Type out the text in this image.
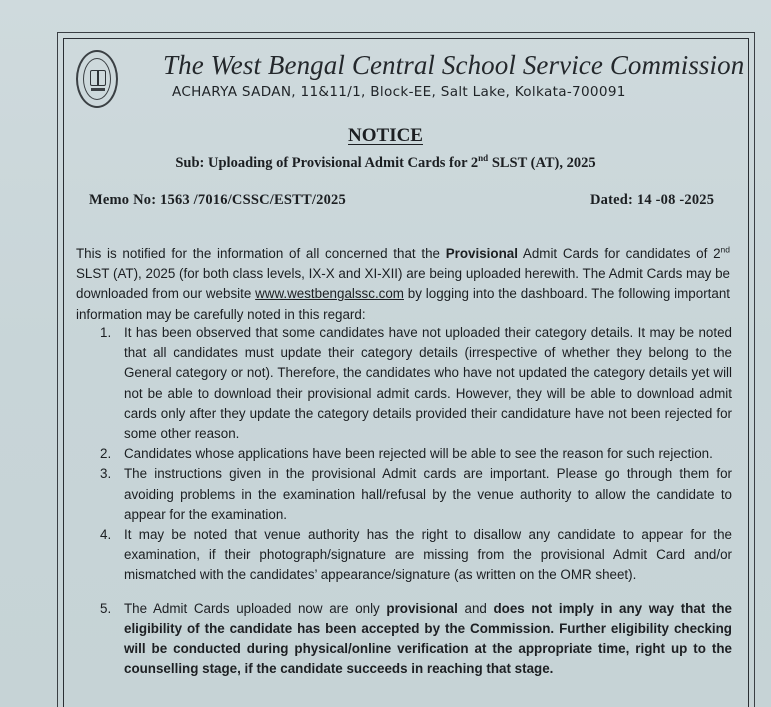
The West Bengal Central School Service Commission
ACHARYA SADAN, 11&11/1, Block-EE, Salt Lake, Kolkata-700091
NOTICE
Sub: Uploading of Provisional Admit Cards for 2nd SLST (AT), 2025
Memo No: 1563 /7016/CSSC/ESTT/2025	Dated: 14 -08 -2025
This is notified for the information of all concerned that the Provisional Admit Cards for candidates of 2nd SLST (AT), 2025 (for both class levels, IX-X and XI-XII) are being uploaded herewith. The Admit Cards may be downloaded from our website www.westbengalssc.com by logging into the dashboard. The following important information may be carefully noted in this regard:
1. It has been observed that some candidates have not uploaded their category details. It may be noted that all candidates must update their category details (irrespective of whether they belong to the General category or not). Therefore, the candidates who have not updated the category details yet will not be able to download their provisional admit cards. However, they will be able to download admit cards only after they update the category details provided their candidature have not been rejected for some other reason.
2. Candidates whose applications have been rejected will be able to see the reason for such rejection.
3. The instructions given in the provisional Admit cards are important. Please go through them for avoiding problems in the examination hall/refusal by the venue authority to allow the candidate to appear for the examination.
4. It may be noted that venue authority has the right to disallow any candidate to appear for the examination, if their photograph/signature are missing from the provisional Admit Card and/or mismatched with the candidates’ appearance/signature (as written on the OMR sheet).
5. The Admit Cards uploaded now are only provisional and does not imply in any way that the eligibility of the candidate has been accepted by the Commission. Further eligibility checking will be conducted during physical/online verification at the appropriate time, right up to the counselling stage, if the candidate succeeds in reaching that stage.
